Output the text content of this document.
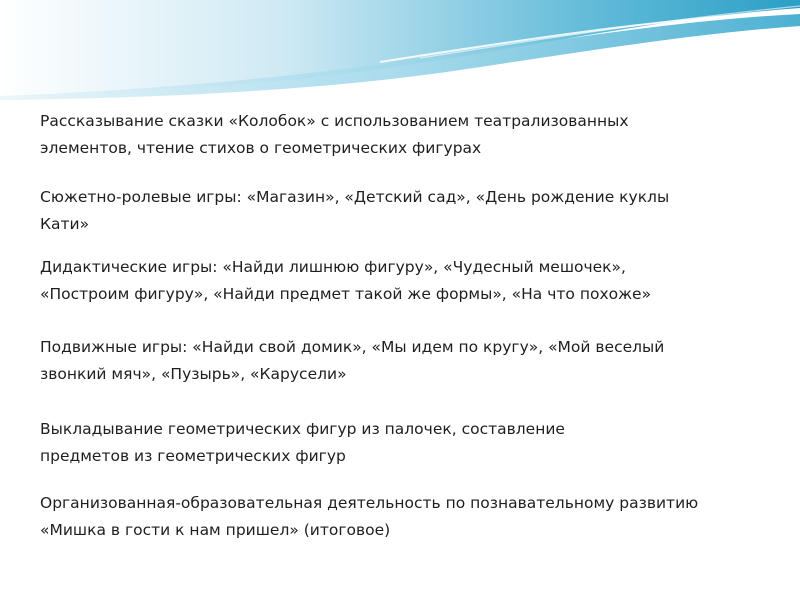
Рассказывание сказки «Колобок» с использованием театрализованных
элементов, чтение стихов о геометрических фигурах

Сюжетно-ролевые игры: «Магазин», «Детский сад», «День рождение куклы
Кати»

Дидактические игры: «Найди лишнюю фигуру», «Чудесный мешочек»,
«Построим фигуру», «Найди предмет такой же формы», «На что похоже»

Подвижные игры: «Найди свой домик», «Мы идем по кругу», «Мой веселый
звонкий мяч», «Пузырь», «Карусели»

Выкладывание геометрических фигур из палочек, составление
предметов из геометрических фигур

Организованная-образовательная деятельность по познавательному развитию
«Мишка в гости к нам пришел» (итоговое)
